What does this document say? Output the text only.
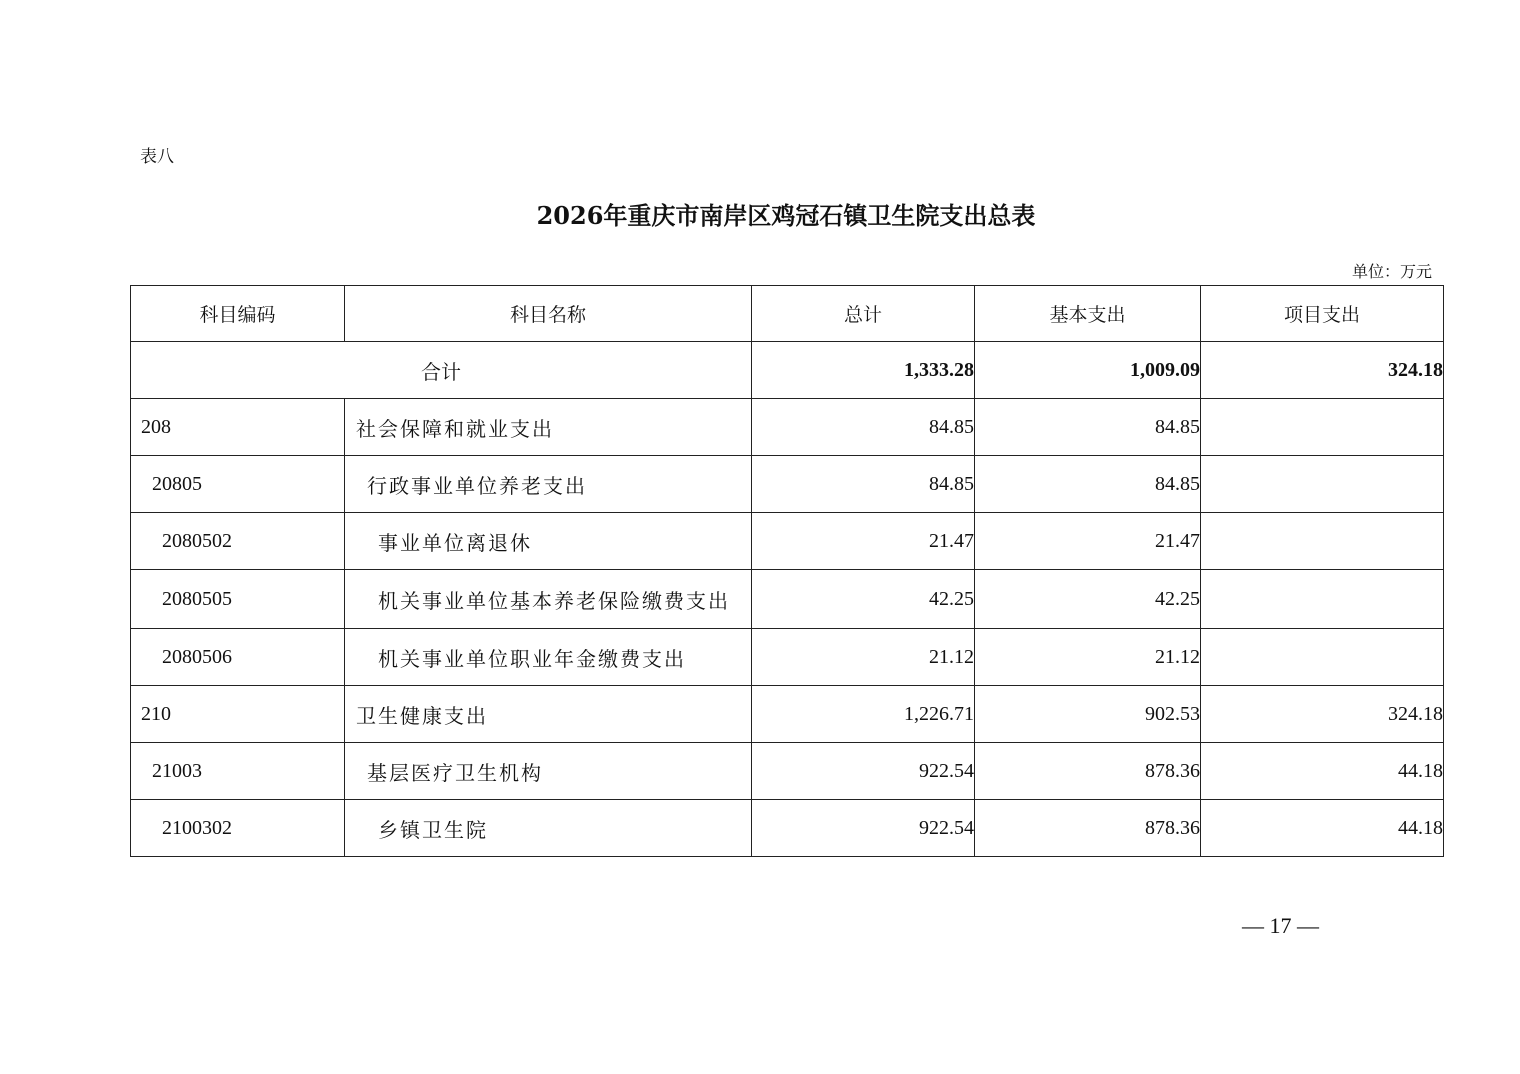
表八
2026年重庆市南岸区鸡冠石镇卫生院支出总表
单位：万元
科目编码	科目名称	总计	基本支出	项目支出
合计		1,333.28	1,009.09	324.18
208	社会保障和就业支出	84.85	84.85	
20805	行政事业单位养老支出	84.85	84.85	
2080502	事业单位离退休	21.47	21.47	
2080505	机关事业单位基本养老保险缴费支出	42.25	42.25	
2080506	机关事业单位职业年金缴费支出	21.12	21.12	
210	卫生健康支出	1,226.71	902.53	324.18
21003	基层医疗卫生机构	922.54	878.36	44.18
2100302	乡镇卫生院	922.54	878.36	44.18
— 17 —
